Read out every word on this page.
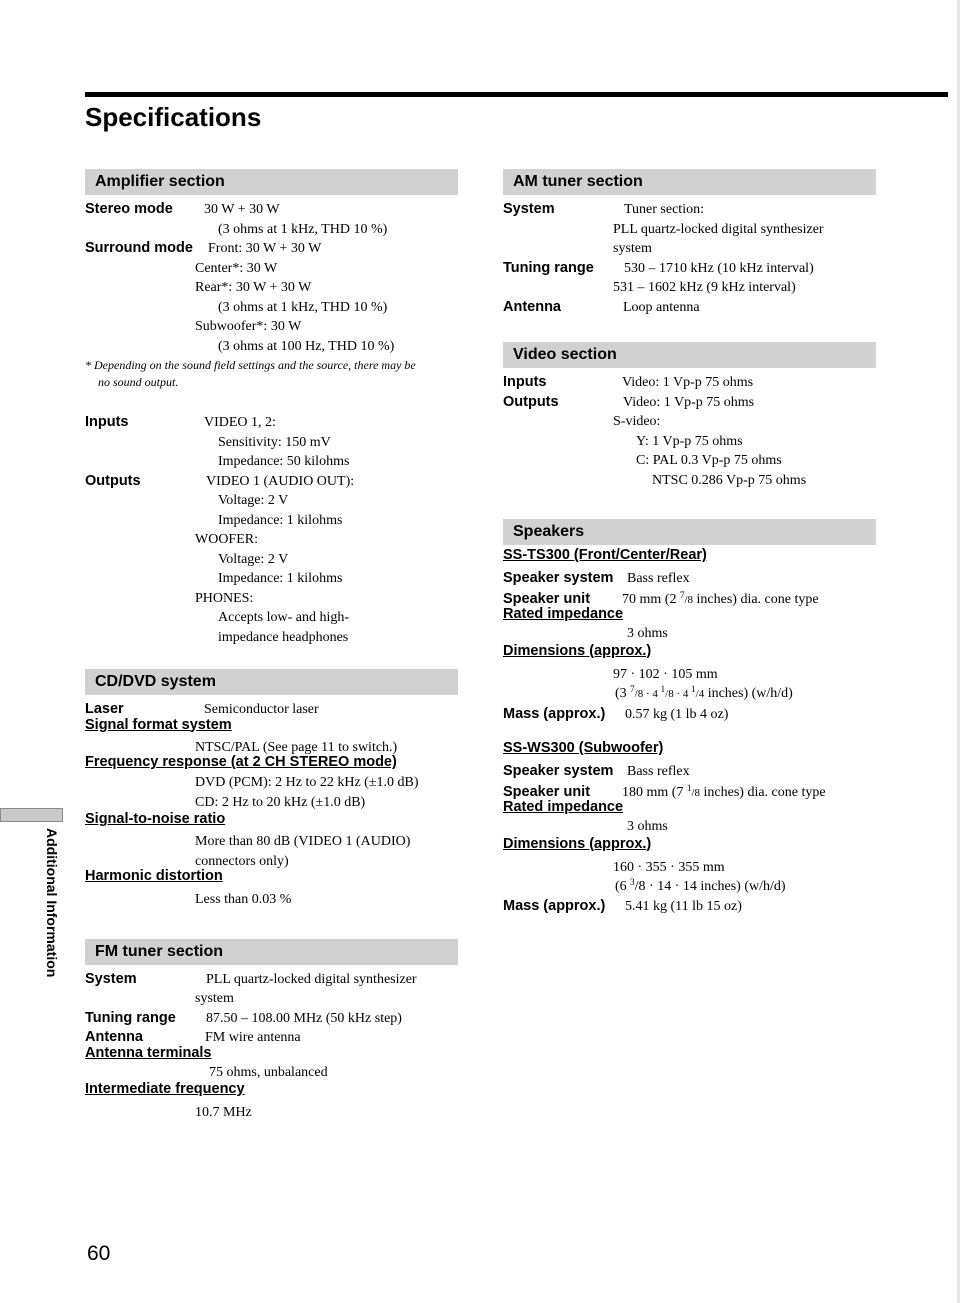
Specifications
Amplifier section
Stereo mode	30 W + 30 W
(3 ohms at 1 kHz, THD 10 %)
Surround mode	Front: 30 W + 30 W
Center*: 30 W
Rear*: 30 W + 30 W
(3 ohms at 1 kHz, THD 10 %)
Subwoofer*: 30 W
(3 ohms at 100 Hz, THD 10 %)
* Depending on the sound field settings and the source, there may be
no sound output.
Inputs	VIDEO 1, 2:
Sensitivity: 150 mV
Impedance: 50 kilohms
Outputs	VIDEO 1 (AUDIO OUT):
Voltage: 2 V
Impedance: 1 kilohms
WOOFER:
Voltage: 2 V
Impedance: 1 kilohms
PHONES:
Accepts low- and high-
impedance headphones
CD/DVD system
Laser	Semiconductor laser
Signal format system
NTSC/PAL (See page 11 to switch.)
Frequency response (at 2 CH STEREO mode)
DVD (PCM): 2 Hz to 22 kHz (±1.0 dB)
CD: 2 Hz to 20 kHz (±1.0 dB)
Signal-to-noise ratio
More than 80 dB (VIDEO 1 (AUDIO)
connectors only)
Harmonic distortion
Less than 0.03 %
FM tuner section
System	PLL quartz-locked digital synthesizer
system
Tuning range	87.50 – 108.00 MHz (50 kHz step)
Antenna	FM wire antenna
Antenna terminals
75 ohms, unbalanced
Intermediate frequency
10.7 MHz
AM tuner section
System	Tuner section:
PLL quartz-locked digital synthesizer
system
Tuning range	530 – 1710 kHz (10 kHz interval)
531 – 1602 kHz (9 kHz interval)
Antenna	Loop antenna
Video section
Inputs	Video: 1 Vp-p 75 ohms
Outputs	Video: 1 Vp-p 75 ohms
S-video:
Y: 1 Vp-p 75 ohms
C: PAL 0.3 Vp-p 75 ohms
NTSC 0.286 Vp-p 75 ohms
Speakers
SS-TS300 (Front/Center/Rear)
Speaker system Bass reflex
Speaker unit	70 mm (2 $^7$/8 inches) dia. cone type
Rated impedance
3 ohms
Dimensions (approx.)
97 · 102 · 105 mm
(3 $^7$/8 · 4 $^1$/8 · 4 $^1$/4 inches) (w/h/d)
Mass (approx.)	0.57 kg (1 lb 4 oz)
SS-WS300 (Subwoofer)
Speaker system Bass reflex
Speaker unit	180 mm (7 $^1$/8 inches) dia. cone type
Rated impedance
3 ohms
Dimensions (approx.)
160 · 355 · 355 mm
(6 $^3$/8 · 14 · 14 inches) (w/h/d)
Mass (approx.)	5.41 kg (11 lb 15 oz)
Additional Information
60
